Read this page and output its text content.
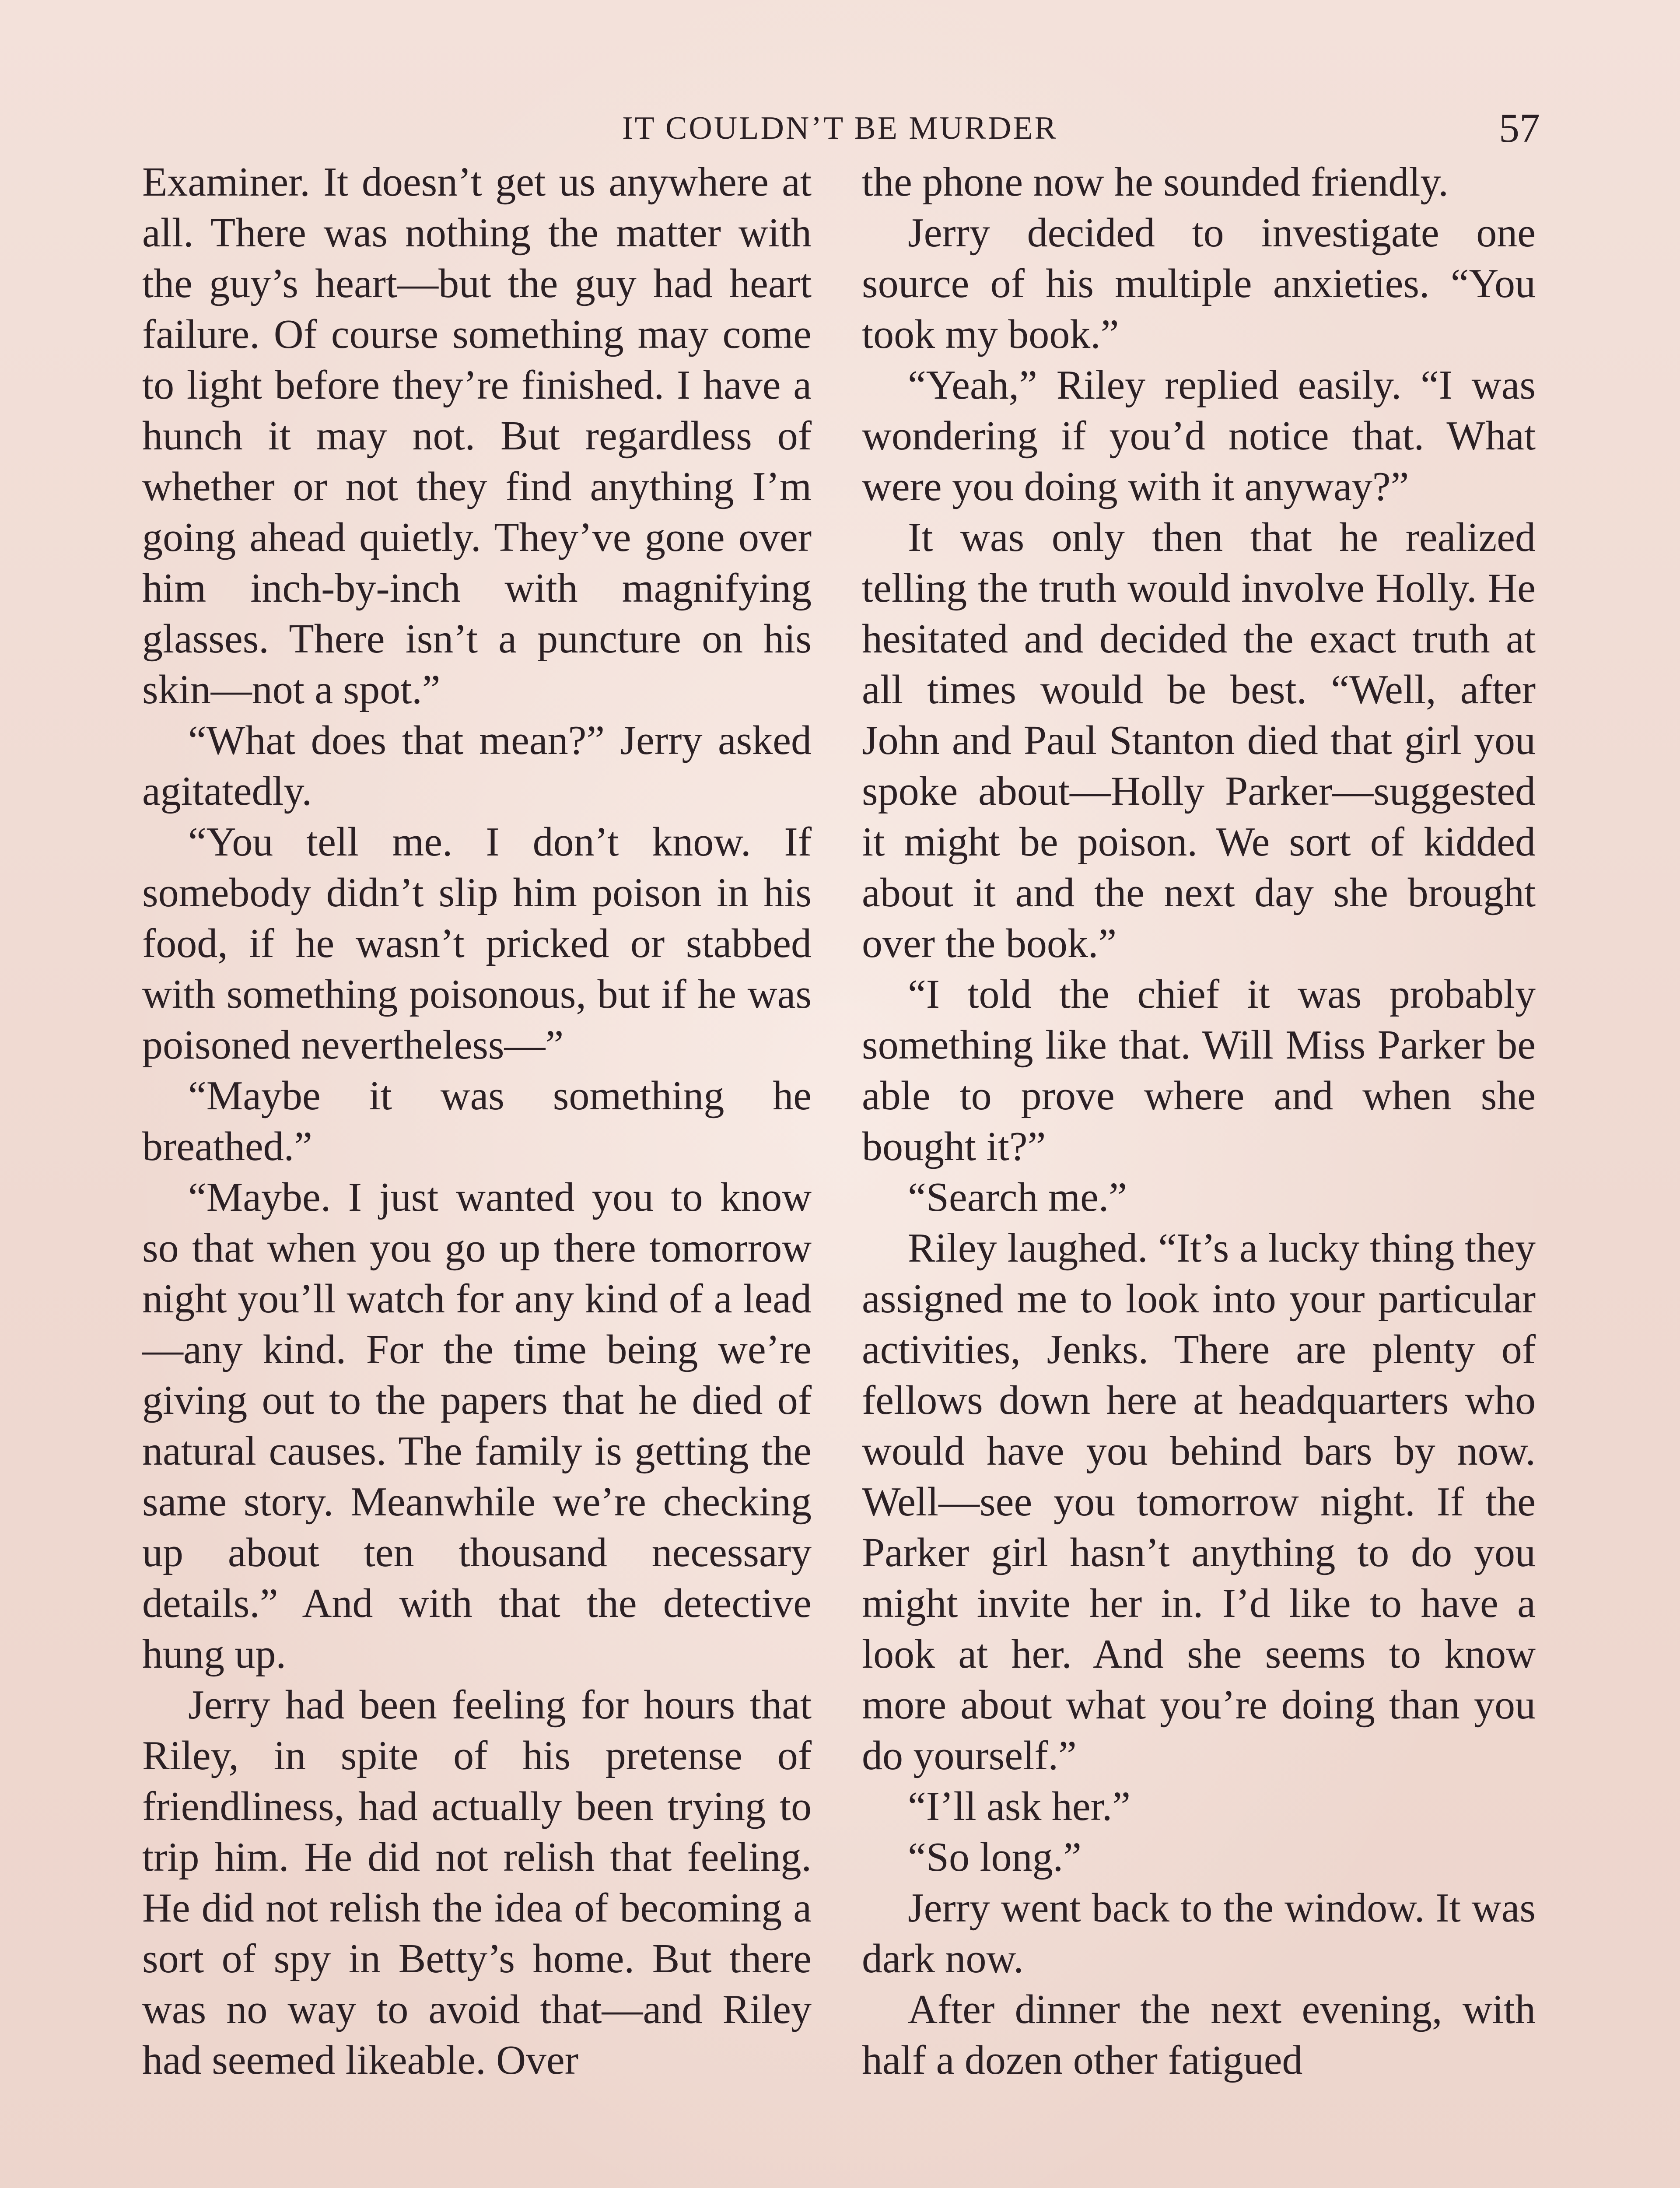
IT COULDN’T BE MURDER	57

Examiner. It doesn’t get us anywhere at all. There was nothing the matter with the guy’s heart—but the guy had heart failure. Of course something may come to light before they’re finished. I have a hunch it may not. But regardless of whether or not they find anything I’m going ahead quietly. They’ve gone over him inch-by-inch with magnifying glasses. There isn’t a puncture on his skin—not a spot.”

“What does that mean?” Jerry asked agitatedly.

“You tell me. I don’t know. If somebody didn’t slip him poison in his food, if he wasn’t pricked or stabbed with something poisonous, but if he was poisoned nevertheless—”

“Maybe it was something he breathed.”

“Maybe. I just wanted you to know so that when you go up there tomorrow night you’ll watch for any kind of a lead—any kind. For the time being we’re giving out to the papers that he died of natural causes. The family is getting the same story. Meanwhile we’re checking up about ten thousand necessary details.” And with that the detective hung up.

Jerry had been feeling for hours that Riley, in spite of his pretense of friendliness, had actually been trying to trip him. He did not relish that feeling. He did not relish the idea of becoming a sort of spy in Betty’s home. But there was no way to avoid that—and Riley had seemed likeable. Over

the phone now he sounded friendly.

Jerry decided to investigate one source of his multiple anxieties. “You took my book.”

“Yeah,” Riley replied easily. “I was wondering if you’d notice that. What were you doing with it anyway?”

It was only then that he realized telling the truth would involve Holly. He hesitated and decided the exact truth at all times would be best. “Well, after John and Paul Stanton died that girl you spoke about—Holly Parker—suggested it might be poison. We sort of kidded about it and the next day she brought over the book.”

“I told the chief it was probably something like that. Will Miss Parker be able to prove where and when she bought it?”

“Search me.”

Riley laughed. “It’s a lucky thing they assigned me to look into your particular activities, Jenks. There are plenty of fellows down here at headquarters who would have you behind bars by now. Well—see you tomorrow night. If the Parker girl hasn’t anything to do you might invite her in. I’d like to have a look at her. And she seems to know more about what you’re doing than you do yourself.”

“I’ll ask her.”

“So long.”

Jerry went back to the window. It was dark now.

After dinner the next evening, with half a dozen other fatigued
